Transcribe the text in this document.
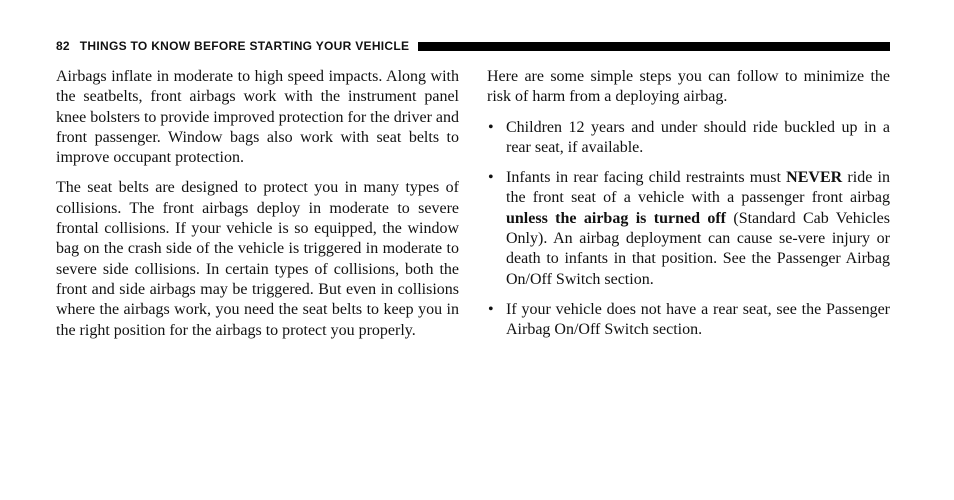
82 THINGS TO KNOW BEFORE STARTING YOUR VEHICLE

Airbags inflate in moderate to high speed impacts. Along with the seatbelts, front airbags work with the instrument panel knee bolsters to provide improved protection for the driver and front passenger. Window bags also work with seat belts to improve occupant protection.

The seat belts are designed to protect you in many types of collisions. The front airbags deploy in moderate to severe frontal collisions. If your vehicle is so equipped, the window bag on the crash side of the vehicle is triggered in moderate to severe side collisions. In certain types of collisions, both the front and side airbags may be triggered. But even in collisions where the airbags work, you need the seat belts to keep you in the right position for the airbags to protect you properly.

Here are some simple steps you can follow to minimize the risk of harm from a deploying airbag.

• Children 12 years and under should ride buckled up in a rear seat, if available.
• Infants in rear facing child restraints must NEVER ride in the front seat of a vehicle with a passenger front airbag unless the airbag is turned off (Standard Cab Vehicles Only). An airbag deployment can cause se-vere injury or death to infants in that position. See the Passenger Airbag On/Off Switch section.
• If your vehicle does not have a rear seat, see the Passenger Airbag On/Off Switch section.
